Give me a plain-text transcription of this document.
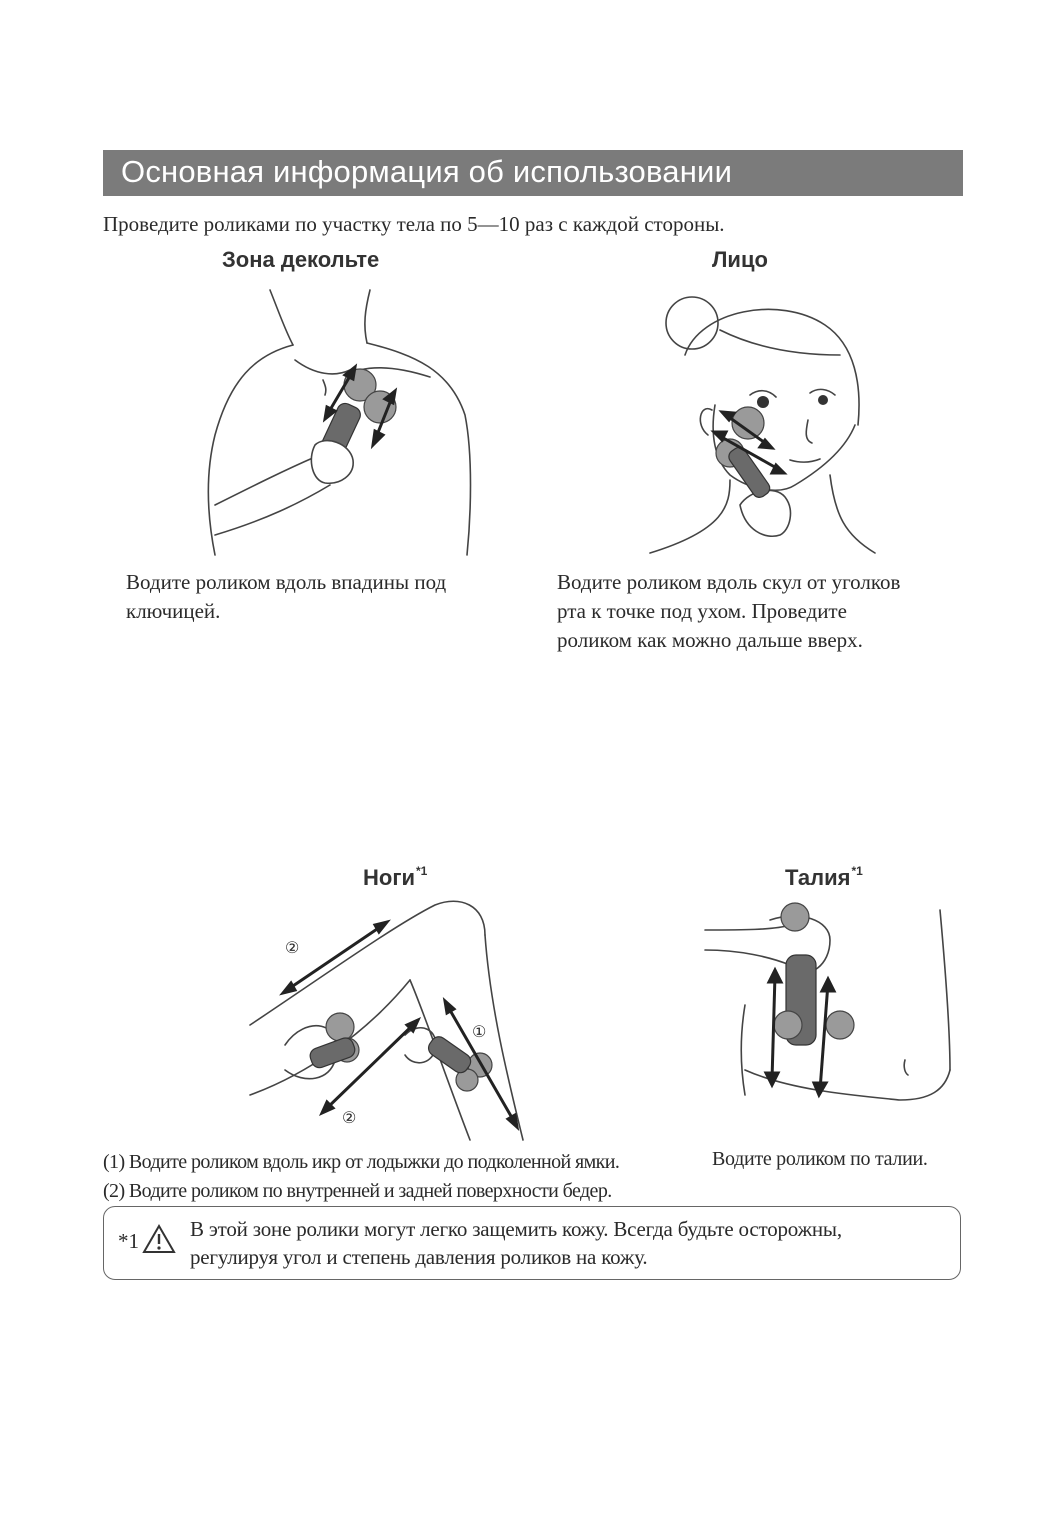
Основная информация об использовании
Проведите роликами по участку тела по 5—10 раз с каждой стороны.
Зона декольте

Водите роликом вдоль впадины под

ключицей.

Лицо

Водите роликом вдоль скул от уголков

рта к точке под ухом. Проведите

роликом как можно дальше вверх.

Ноги$^{*1}$
②
①
②

(1) Водите роликом вдоль икр от лодыжки до подколенной ямки.

(2) Водите роликом по внутренней и задней поверхности бедер.

Талия$^{*1}$
Водите роликом по талии.
*1 В этой зоне ролики могут легко защемить кожу. Всегда будьте осторожны,

регулируя угол и степень давления роликов на кожу.
